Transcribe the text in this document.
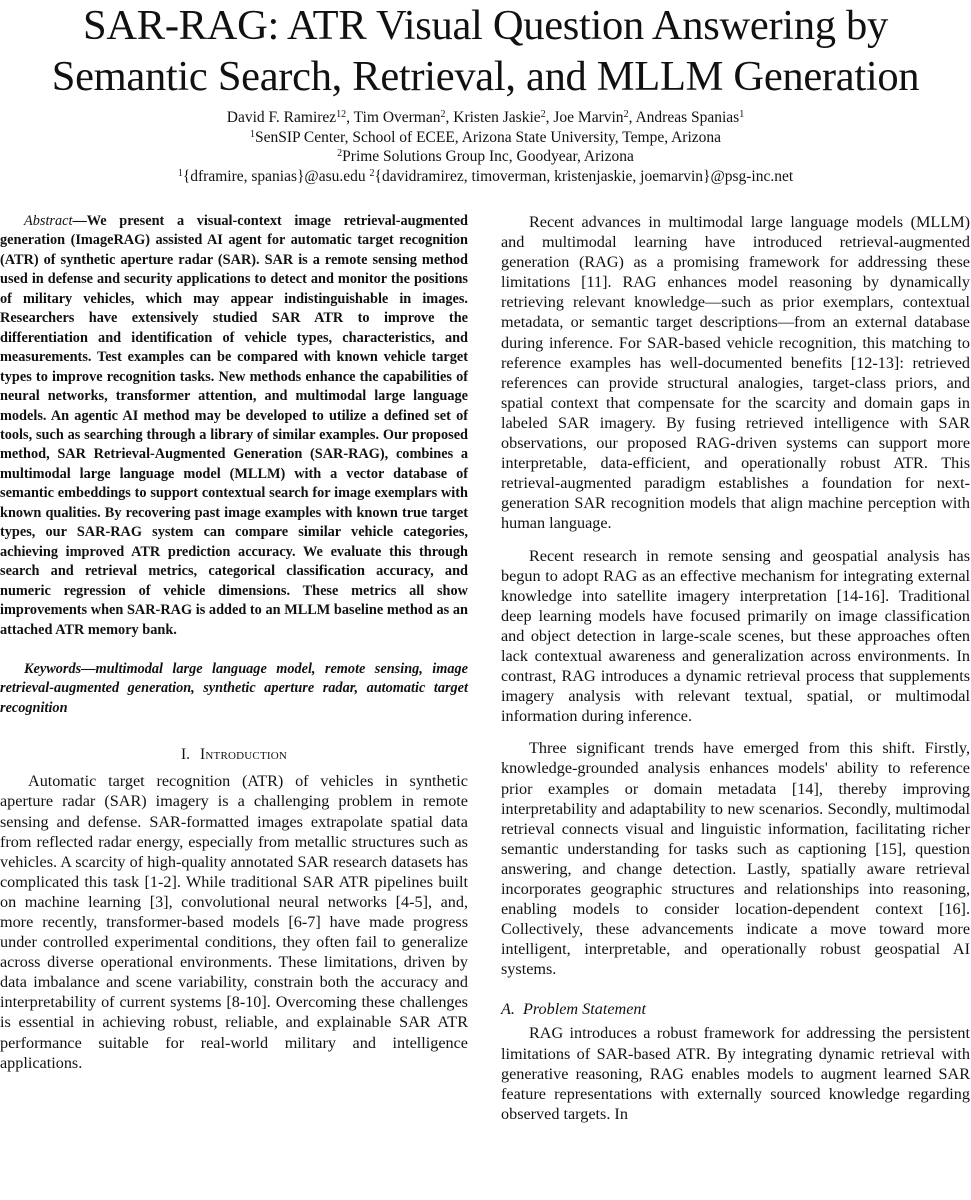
SAR-RAG: ATR Visual Question Answering by
Semantic Search, Retrieval, and MLLM Generation
David F. Ramirez$^{12}$, Tim Overman$^2$, Kristen Jaskie$^2$, Joe Marvin$^2$, Andreas Spanias$^1$
$^1$SenSIP Center, School of ECEE, Arizona State University, Tempe, Arizona
$^2$Prime Solutions Group Inc, Goodyear, Arizona
$^1${dframire, spanias}@asu.edu $^2${davidramirez, timoverman, kristenjaskie, joemarvin}@psg-inc.net

Abstract—We present a visual-context image retrieval-augmented generation (ImageRAG) assisted AI agent for automatic target recognition (ATR) of synthetic aperture radar (SAR). SAR is a remote sensing method used in defense and security applications to detect and monitor the positions of military vehicles, which may appear indistinguishable in images. Researchers have extensively studied SAR ATR to improve the differentiation and identification of vehicle types, characteristics, and measurements. Test examples can be compared with known vehicle target types to improve recognition tasks. New methods enhance the capabilities of neural networks, transformer attention, and multimodal large language models. An agentic AI method may be developed to utilize a defined set of tools, such as searching through a library of similar examples. Our proposed method, SAR Retrieval-Augmented Generation (SAR-RAG), combines a multimodal large language model (MLLM) with a vector database of semantic embeddings to support contextual search for image exemplars with known qualities. By recovering past image examples with known true target types, our SAR-RAG system can compare similar vehicle categories, achieving improved ATR prediction accuracy. We evaluate this through search and retrieval metrics, categorical classification accuracy, and numeric regression of vehicle dimensions. These metrics all show improvements when SAR-RAG is added to an MLLM baseline method as an attached ATR memory bank.

Keywords—multimodal large language model, remote sensing, image retrieval-augmented generation, synthetic aperture radar, automatic target recognition

I. Introduction

Automatic target recognition (ATR) of vehicles in synthetic aperture radar (SAR) imagery is a challenging problem in remote sensing and defense. SAR-formatted images extrapolate spatial data from reflected radar energy, especially from metallic structures such as vehicles. A scarcity of high-quality annotated SAR research datasets has complicated this task [1-2]. While traditional SAR ATR pipelines built on machine learning [3], convolutional neural networks [4-5], and, more recently, transformer-based models [6-7] have made progress under controlled experimental conditions, they often fail to generalize across diverse operational environments. These limitations, driven by data imbalance and scene variability, constrain both the accuracy and interpretability of current systems [8-10]. Overcoming these challenges is essential in achieving robust, reliable, and explainable SAR ATR performance suitable for real-world military and intelligence applications.

Recent advances in multimodal large language models (MLLM) and multimodal learning have introduced retrieval-augmented generation (RAG) as a promising framework for addressing these limitations [11]. RAG enhances model reasoning by dynamically retrieving relevant knowledge—such as prior exemplars, contextual metadata, or semantic target descriptions—from an external database during inference. For SAR-based vehicle recognition, this matching to reference examples has well-documented benefits [12-13]: retrieved references can provide structural analogies, target-class priors, and spatial context that compensate for the scarcity and domain gaps in labeled SAR imagery. By fusing retrieved intelligence with SAR observations, our proposed RAG-driven systems can support more interpretable, data-efficient, and operationally robust ATR. This retrieval-augmented paradigm establishes a foundation for next-generation SAR recognition models that align machine perception with human language.

Recent research in remote sensing and geospatial analysis has begun to adopt RAG as an effective mechanism for integrating external knowledge into satellite imagery interpretation [14-16]. Traditional deep learning models have focused primarily on image classification and object detection in large-scale scenes, but these approaches often lack contextual awareness and generalization across environments. In contrast, RAG introduces a dynamic retrieval process that supplements imagery analysis with relevant textual, spatial, or multimodal information during inference.

Three significant trends have emerged from this shift. Firstly, knowledge-grounded analysis enhances models' ability to reference prior examples or domain metadata [14], thereby improving interpretability and adaptability to new scenarios. Secondly, multimodal retrieval connects visual and linguistic information, facilitating richer semantic understanding for tasks such as captioning [15], question answering, and change detection. Lastly, spatially aware retrieval incorporates geographic structures and relationships into reasoning, enabling models to consider location-dependent context [16]. Collectively, these advancements indicate a move toward more intelligent, interpretable, and operationally robust geospatial AI systems.

A. Problem Statement

RAG introduces a robust framework for addressing the persistent limitations of SAR-based ATR. By integrating dynamic retrieval with generative reasoning, RAG enables models to augment learned SAR feature representations with externally sourced knowledge regarding observed targets. In
